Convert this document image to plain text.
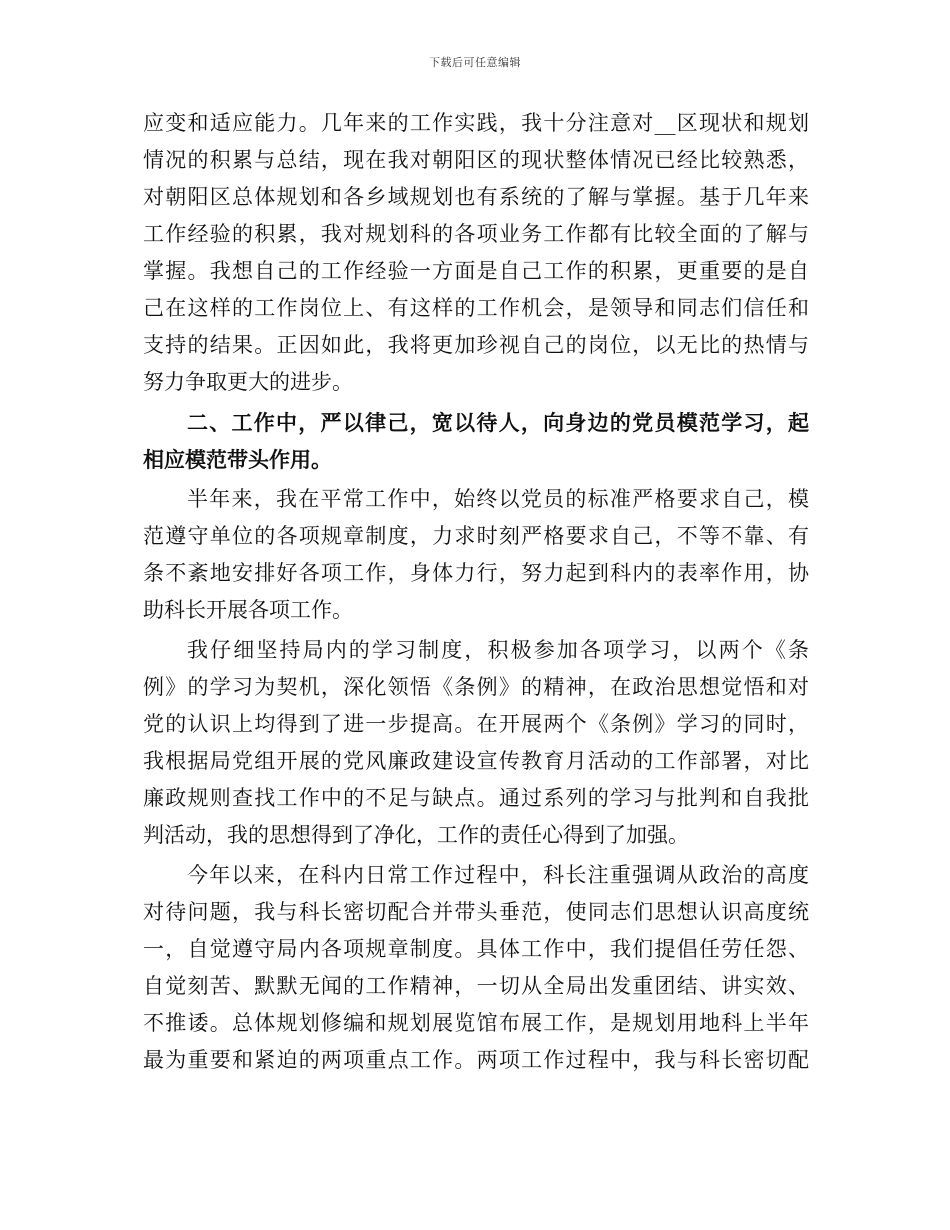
下载后可任意编辑
应变和适应能力。几年来的工作实践，我十分注意对__区现状和规划
情况的积累与总结，现在我对朝阳区的现状整体情况已经比较熟悉，
对朝阳区总体规划和各乡域规划也有系统的了解与掌握。基于几年来
工作经验的积累，我对规划科的各项业务工作都有比较全面的了解与
掌握。我想自己的工作经验一方面是自己工作的积累，更重要的是自
己在这样的工作岗位上、有这样的工作机会，是领导和同志们信任和
支持的结果。正因如此，我将更加珍视自己的岗位，以无比的热情与
努力争取更大的进步。
二、工作中，严以律己，宽以待人，向身边的党员模范学习，起
相应模范带头作用。
半年来，我在平常工作中，始终以党员的标准严格要求自己，模
范遵守单位的各项规章制度，力求时刻严格要求自己，不等不靠、有
条不紊地安排好各项工作，身体力行，努力起到科内的表率作用，协
助科长开展各项工作。
我仔细坚持局内的学习制度，积极参加各项学习，以两个《条
例》的学习为契机，深化领悟《条例》的精神，在政治思想觉悟和对
党的认识上均得到了进一步提高。在开展两个《条例》学习的同时，
我根据局党组开展的党风廉政建设宣传教育月活动的工作部署，对比
廉政规则查找工作中的不足与缺点。通过系列的学习与批判和自我批
判活动，我的思想得到了净化，工作的责任心得到了加强。
今年以来，在科内日常工作过程中，科长注重强调从政治的高度
对待问题，我与科长密切配合并带头垂范，使同志们思想认识高度统
一，自觉遵守局内各项规章制度。具体工作中，我们提倡任劳任怨、
自觉刻苦、默默无闻的工作精神，一切从全局出发重团结、讲实效、
不推诿。总体规划修编和规划展览馆布展工作，是规划用地科上半年
最为重要和紧迫的两项重点工作。两项工作过程中，我与科长密切配
